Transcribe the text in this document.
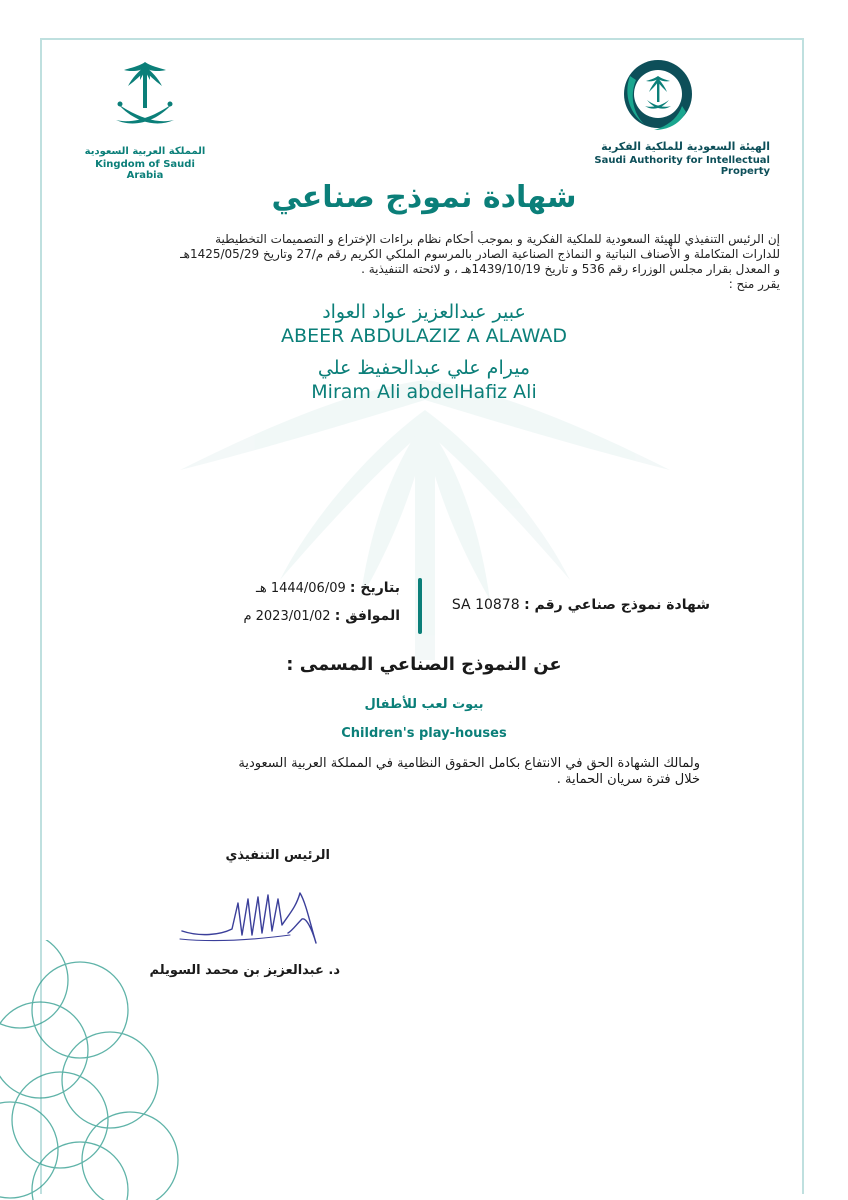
المملكة العربية السعودية
Kingdom of Saudi Arabia
الهيئة السعودية للملكية الفكرية
Saudi Authority for Intellectual Property
شهادة نموذج صناعي
إن الرئيس التنفيذي للهيئة السعودية للملكية الفكرية و بموجب أحكام نظام براءات الإختراع و التصميمات التخطيطية
للدارات المتكاملة و الأصناف النباتية و النماذج الصناعية الصادر بالمرسوم الملكي الكريم رقم م/27 وتاريخ 1425/05/29هـ
و المعدل بقرار مجلس الوزراء رقم 536 و تاريخ 1439/10/19هـ ، و لائحته التنفيذية .
يقرر منح :
عبير عبدالعزيز عواد العواد
ABEER ABDULAZIZ A ALAWAD
ميرام علي عبدالحفيظ علي
Miram Ali abdelHafiz Ali
شهادة نموذج صناعي رقم : SA 10878
بتاريخ : 1444/06/09 هـ
الموافق : 2023/01/02 م
عن النموذج الصناعي المسمى :
بيوت لعب للأطفال
Children's play-houses
ولمالك الشهادة الحق في الانتفاع بكامل الحقوق النظامية في المملكة العربية السعودية
خلال فترة سريان الحماية .
الرئيس التنفيذي
د. عبدالعزيز بن محمد السويلم
